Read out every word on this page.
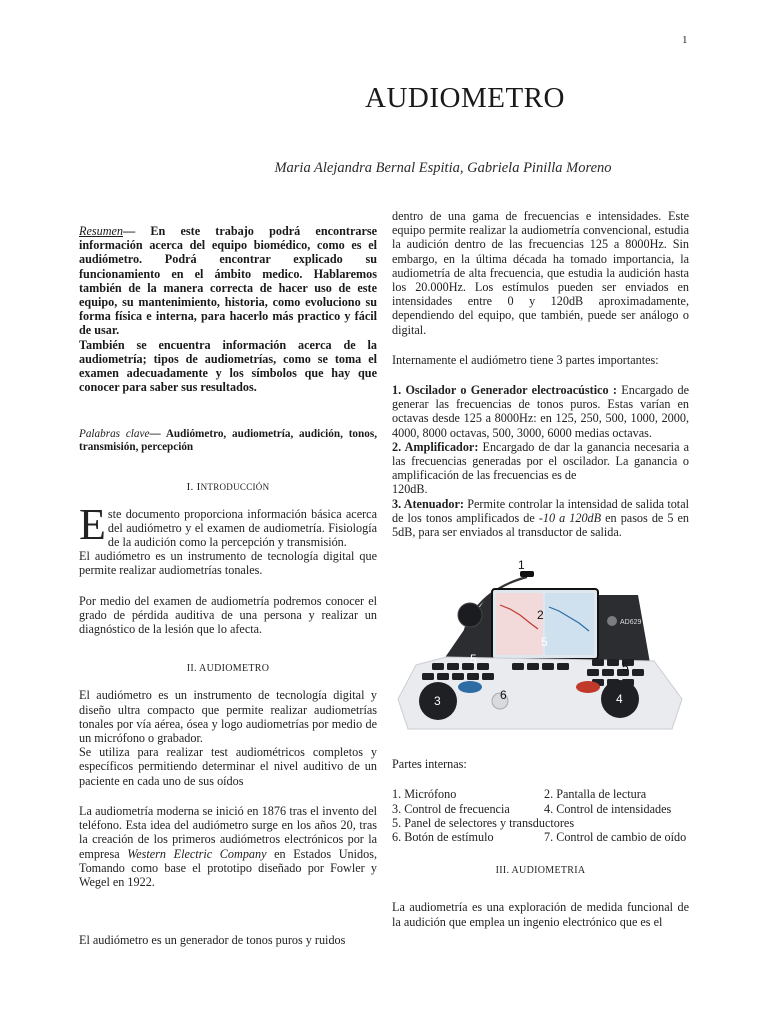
1
AUDIOMETRO
Maria Alejandra Bernal Espitia, Gabriela Pinilla Moreno

Resumen— En este trabajo podrá encontrarse información acerca del equipo biomédico, como es el audiómetro. Podrá encontrar explicado su funcionamiento en el ámbito medico. Hablaremos también de la manera correcta de hacer uso de este equipo, su mantenimiento, historia, como evoluciono su forma física e interna, para hacerlo más practico y fácil de usar.

También se encuentra información acerca de la audiometría; tipos de audiometrías, como se toma el examen adecuadamente y los símbolos que hay que conocer para saber sus resultados.

Palabras clave— Audiómetro, audiometría, audición, tonos, transmisión, percepción

I. INTRODUCCIÓN

Este documento proporciona información básica acerca del audiómetro y el examen de audiometría. Fisiología de la audición como la percepción y transmisión.

El audiómetro es un instrumento de tecnología digital que permite realizar audiometrías tonales.

Por medio del examen de audiometría podremos conocer el grado de pérdida auditiva de una persona y realizar un diagnóstico de la lesión que lo afecta.

II. AUDIOMETRO

El audiómetro es un instrumento de tecnología digital y diseño ultra compacto que permite realizar audiometrías tonales por vía aérea, ósea y logo audiometrías por medio de un micrófono o grabador.

Se utiliza para realizar test audiométricos completos y específicos permitiendo determinar el nivel auditivo de un paciente en cada uno de sus oídos

La audiometría moderna se inició en 1876 tras el invento del teléfono. Esta idea del audiómetro surge en los años 20, tras la creación de los primeros audiómetros electrónicos por la empresa Western Electric Company en Estados Unidos, Tomando como base el prototipo diseñado por Fowler y Wegel en 1922.

El audiómetro es un generador de tonos puros y ruidos

dentro de una gama de frecuencias e intensidades. Este equipo permite realizar la audiometría convencional, estudia la audición dentro de las frecuencias 125 a 8000Hz. Sin embargo, en la última década ha tomado importancia, la audiometría de alta frecuencia, que estudia la audición hasta los 20.000Hz. Los estímulos pueden ser enviados en intensidades entre 0 y 120dB aproximadamente, dependiendo del equipo, que también, puede ser análogo o digital.

Internamente el audiómetro tiene 3 partes importantes:

1. Oscilador o Generador electroacústico : Encargado de generar las frecuencias de tonos puros. Estas varían en octavas desde 125 a 8000Hz: en 125, 250, 500, 1000, 2000, 4000, 8000 octavas, 500, 3000, 6000 medias octavas.

2. Amplificador: Encargado de dar la ganancia necesaria a las frecuencias generadas por el oscilador. La ganancia o amplificación de las frecuencias es de

120dB.

3. Atenuador: Permite controlar la intensidad de salida total de los tonos amplificados de -10 a 120dB en pasos de 5 en 5dB, para ser enviados al transductor de salida.

AD629
1
2
3	4
5
5
5
6

Partes internas:

1. Micrófono	2. Pantalla de lectura
3. Control de frecuencia	4. Control de intensidades
5. Panel de selectores y transductores
6. Botón de estímulo	7. Control de cambio de oído

III. AUDIOMETRIA

La audiometría es una exploración de medida funcional de la audición que emplea un ingenio electrónico que es el
